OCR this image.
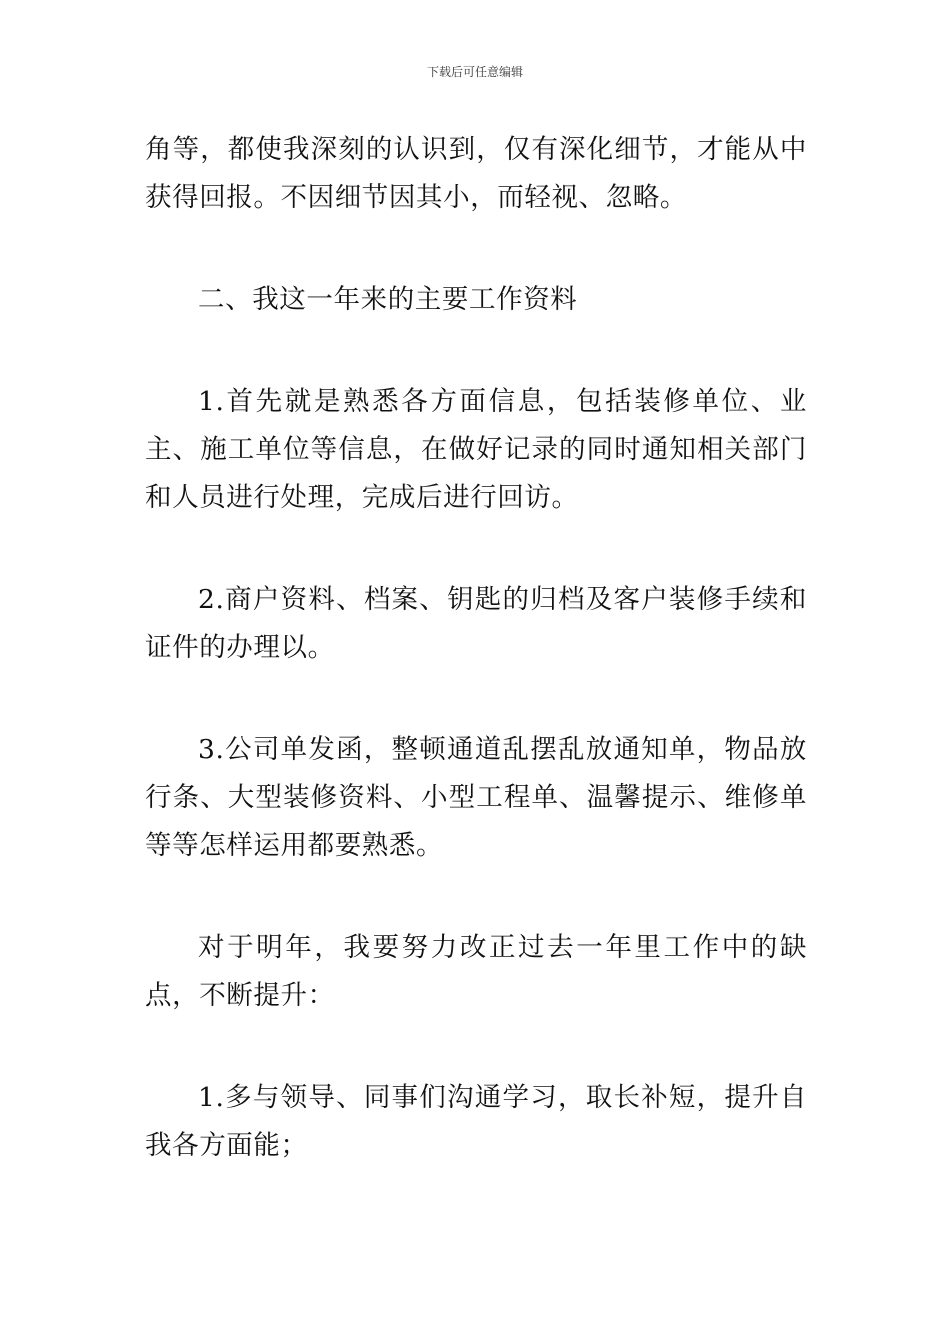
下载后可任意编辑

角等，都使我深刻的认识到，仅有深化细节，才能从中获得回报。不因细节因其小，而轻视、忽略。

二、我这一年来的主要工作资料

1.首先就是熟悉各方面信息，包括装修单位、业主、施工单位等信息，在做好记录的同时通知相关部门和人员进行处理，完成后进行回访。

2.商户资料、档案、钥匙的归档及客户装修手续和证件的办理以。

3.公司单发函，整顿通道乱摆乱放通知单，物品放行条、大型装修资料、小型工程单、温馨提示、维修单等等怎样运用都要熟悉。

对于明年，我要努力改正过去一年里工作中的缺点，不断提升：

1.多与领导、同事们沟通学习，取长补短，提升自我各方面能；
